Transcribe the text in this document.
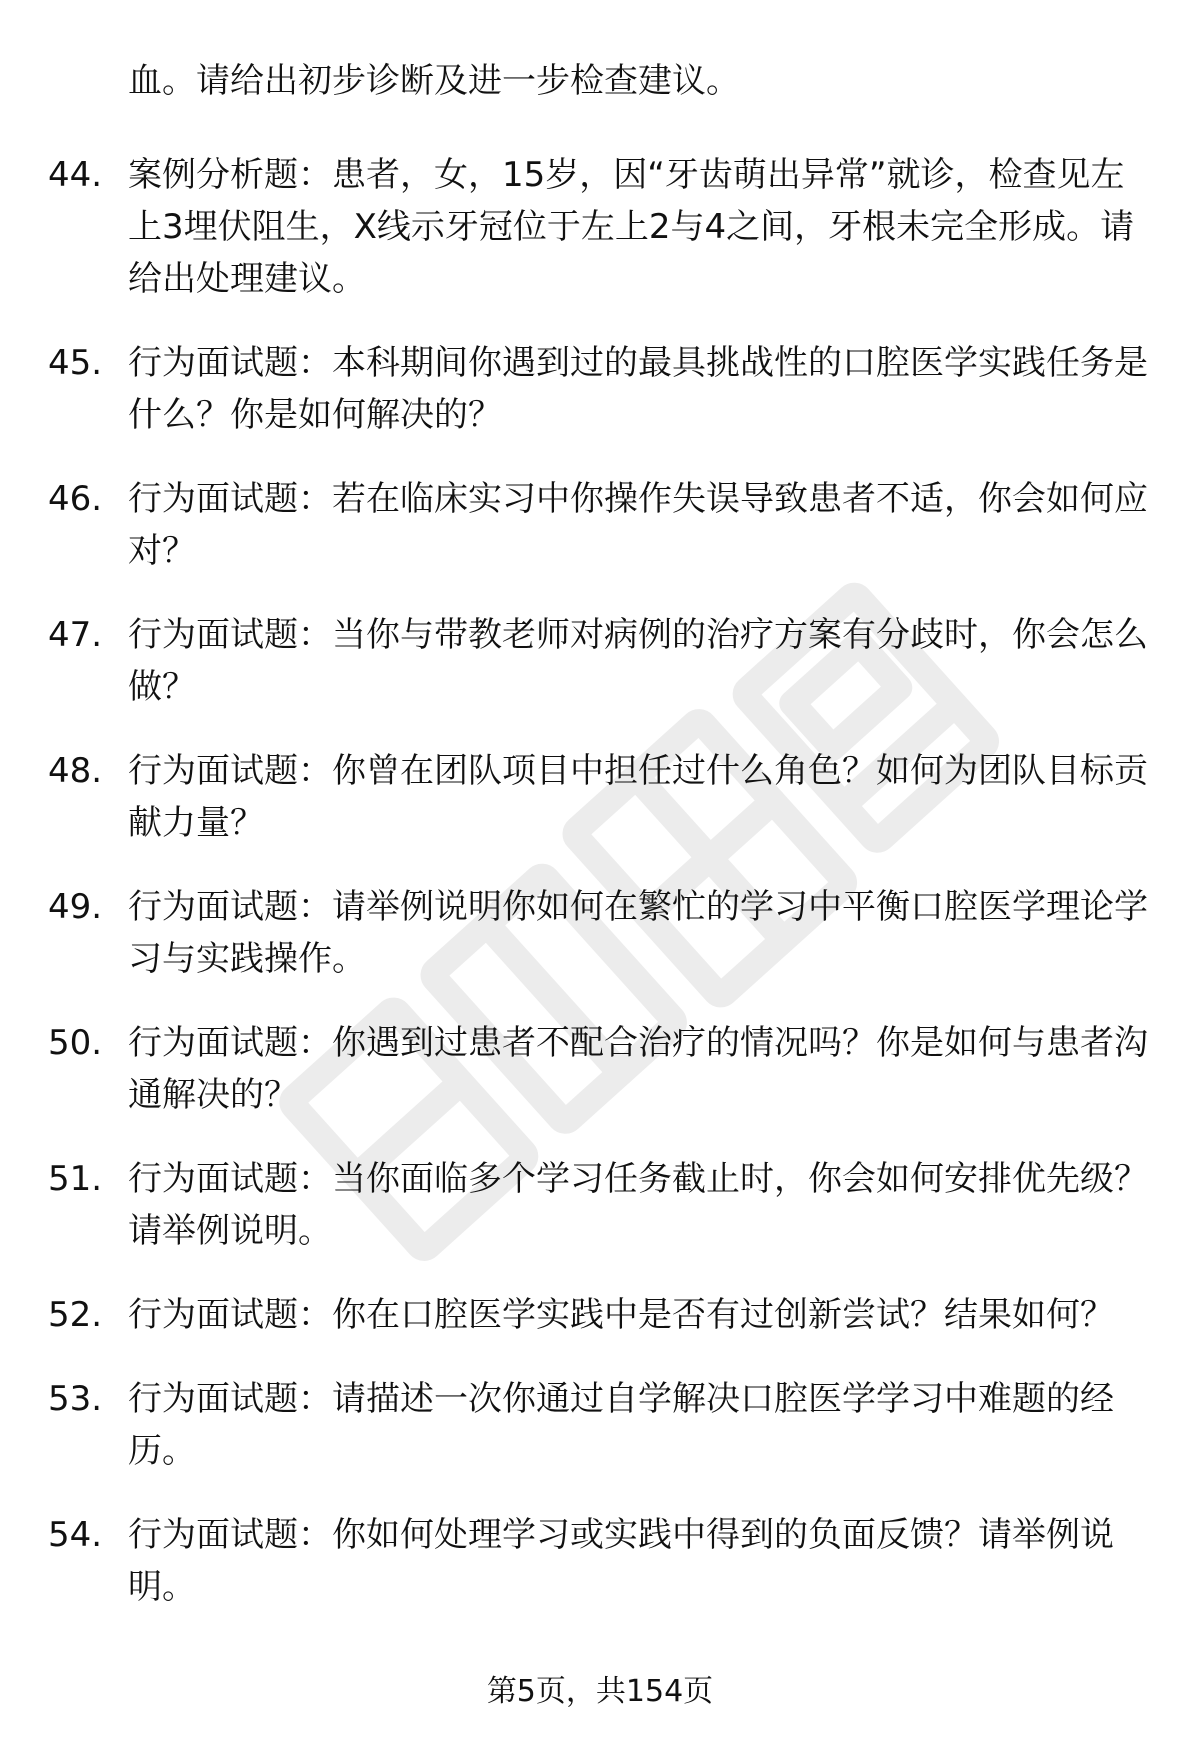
血。请给出初步诊断及进一步检查建议。
44. 案例分析题：患者，女，15岁，因“牙齿萌出异常”就诊，检查见左上3埋伏阻生，X线示牙冠位于左上2与4之间，牙根未完全形成。请给出处理建议。
45. 行为面试题：本科期间你遇到过的最具挑战性的口腔医学实践任务是什么？你是如何解决的？
46. 行为面试题：若在临床实习中你操作失误导致患者不适，你会如何应对？
47. 行为面试题：当你与带教老师对病例的治疗方案有分歧时，你会怎么做？
48. 行为面试题：你曾在团队项目中担任过什么角色？如何为团队目标贡献力量？
49. 行为面试题：请举例说明你如何在繁忙的学习中平衡口腔医学理论学习与实践操作。
50. 行为面试题：你遇到过患者不配合治疗的情况吗？你是如何与患者沟通解决的？
51. 行为面试题：当你面临多个学习任务截止时，你会如何安排优先级？请举例说明。
52. 行为面试题：你在口腔医学实践中是否有过创新尝试？结果如何？
53. 行为面试题：请描述一次你通过自学解决口腔医学学习中难题的经历。
54. 行为面试题：你如何处理学习或实践中得到的负面反馈？请举例说明。
第5页，共154页
